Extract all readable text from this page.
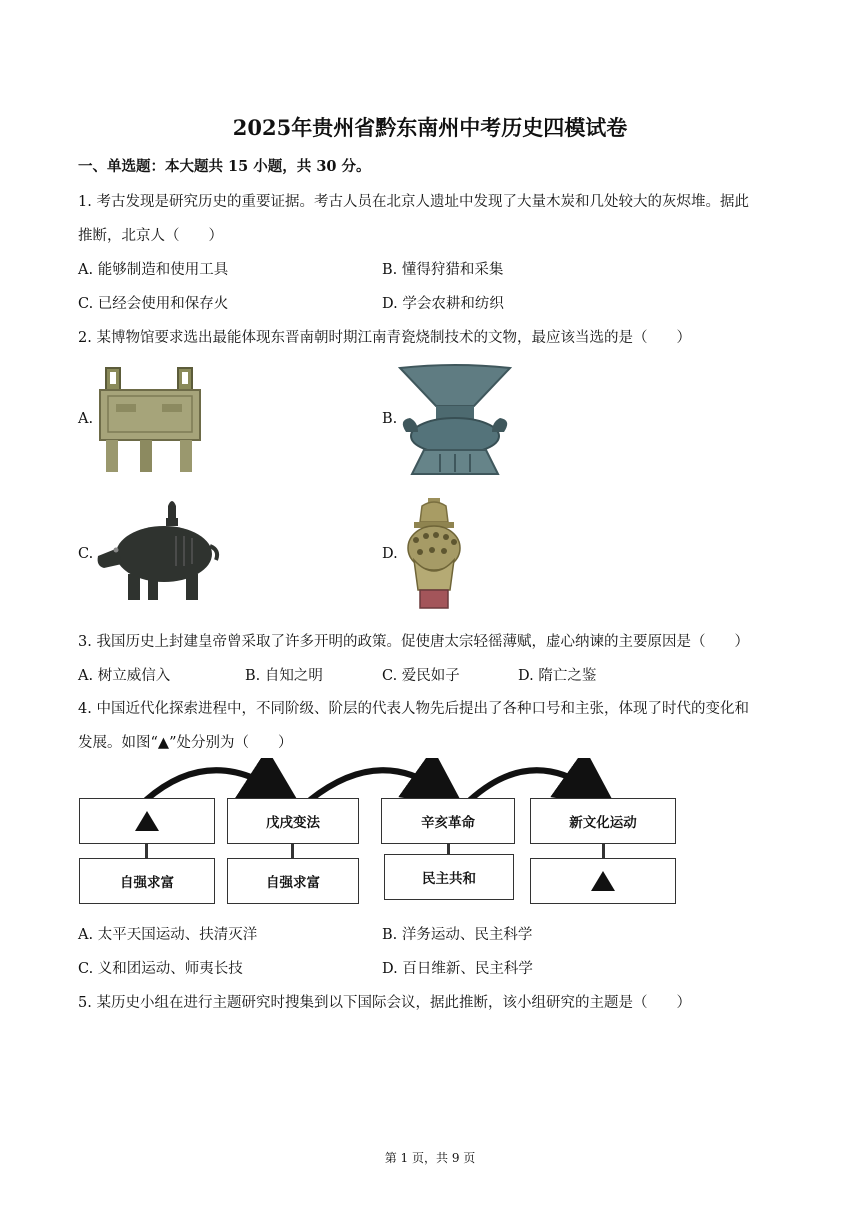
2025年贵州省黔东南州中考历史四模试卷
一、单选题：本大题共 15 小题，共 30 分。
1. 考古发现是研究历史的重要证据。考古人员在北京人遗址中发现了大量木炭和几处较大的灰烬堆。据此
推断，北京人（　　）
A. 能够制造和使用工具	B. 懂得狩猎和采集
C. 已经会使用和保存火	D. 学会农耕和纺织
2. 某博物馆要求选出最能体现东晋南朝时期江南青瓷烧制技术的文物，最应该当选的是（　　）
A.	B.
C.	D.
3. 我国历史上封建皇帝曾采取了许多开明的政策。促使唐太宗轻徭薄赋，虚心纳谏的主要原因是（　　）
A. 树立威信入	B. 自知之明	C. 爱民如子	D. 隋亡之鉴
4. 中国近代化探索进程中，不同阶级、阶层的代表人物先后提出了各种口号和主张，体现了时代的变化和
发展。如图“▲”处分别为（　　）
戊戌变法	辛亥革命	新文化运动
自强求富	自强求富	民主共和
A. 太平天国运动、扶清灭洋	B. 洋务运动、民主科学
C. 义和团运动、师夷长技	D. 百日维新、民主科学
5. 某历史小组在进行主题研究时搜集到以下国际会议，据此推断，该小组研究的主题是（　　）
第 1 页，共 9 页
